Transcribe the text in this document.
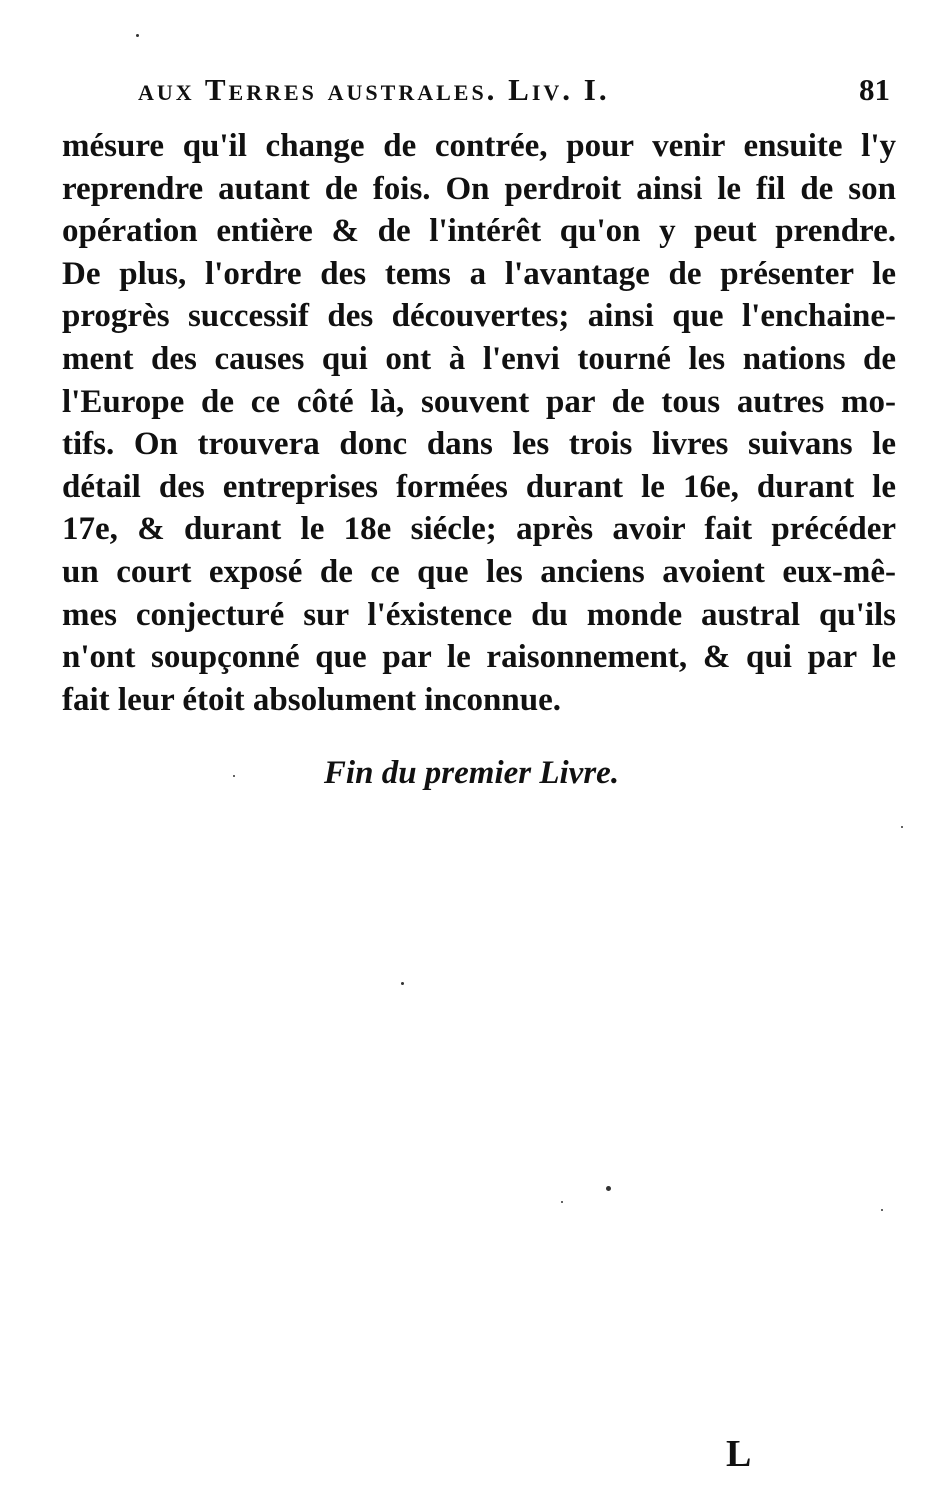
aux Terres australes. Liv. I.	81
mésure qu'il change de contrée, pour venir ensuite l'y
reprendre autant de fois. On perdroit ainsi le fil de son
opération entière & de l'intérêt qu'on y peut prendre.
De plus, l'ordre des tems a l'avantage de présenter le
progrès successif des découvertes; ainsi que l'enchaine-
ment des causes qui ont à l'envi tourné les nations de
l'Europe de ce côté là, souvent par de tous autres mo-
tifs. On trouvera donc dans les trois livres suivans le
détail des entreprises formées durant le 16e, durant le
17e, & durant le 18e siécle; après avoir fait précéder
un court exposé de ce que les anciens avoient eux-mê-
mes conjecturé sur l'éxistence du monde austral qu'ils
n'ont soupçonné que par le raisonnement, & qui par le
fait leur étoit absolument inconnue.
Fin du premier Livre.
L
